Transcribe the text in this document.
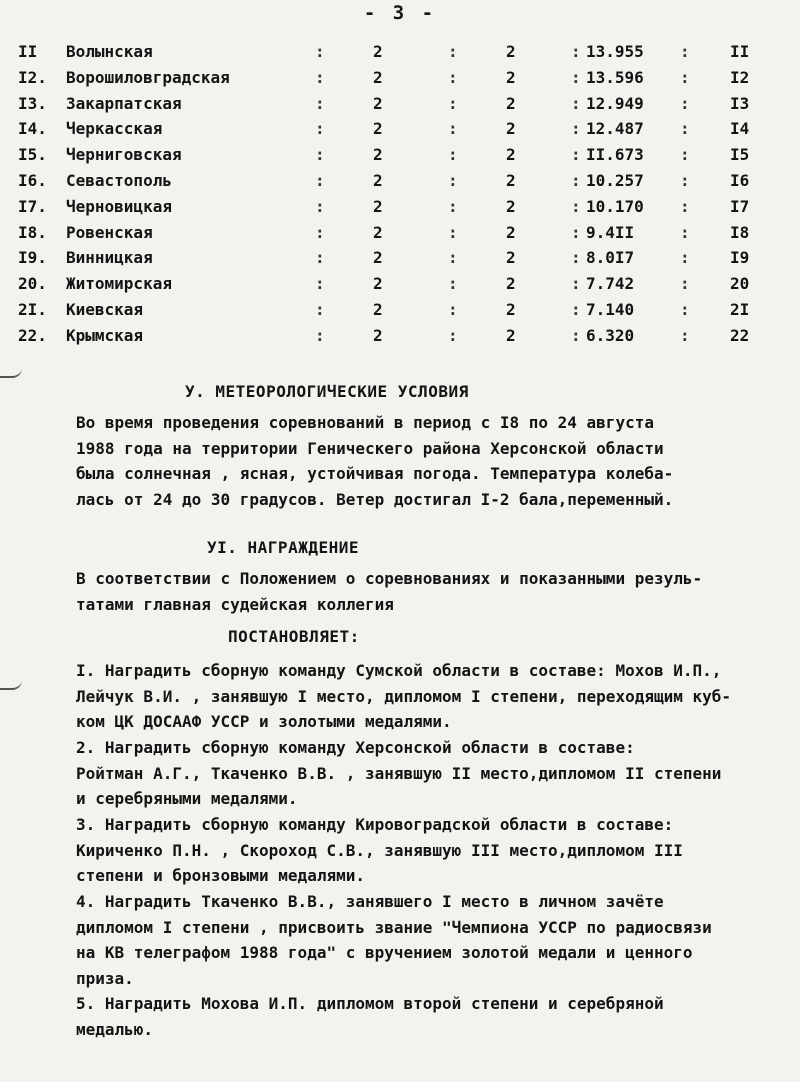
- 3 -
II Волынская	:	2	:	2	: 13.955 :	II
I2. Ворошиловградская	:	2	:	2	: 13.596 :	I2
I3. Закарпатская	:	2	:	2	: 12.949 :	I3
I4. Черкасская	:	2	:	2	: 12.487 :	I4
I5. Черниговская	:	2	:	2	: II.673 :	I5
I6. Севастополь	:	2	:	2	: 10.257 :	I6
I7. Черновицкая	:	2	:	2	: 10.170 :	I7
I8. Ровенская	:	2	:	2	: 9.4II	:	I8
I9. Винницкая	:	2	:	2	: 8.0I7	:	I9
20. Житомирская	:	2	:	2	: 7.742	:	20
2I. Киевская	:	2	:	2	: 7.140	:	2I
22. Крымская	:	2	:	2	: 6.320	:	22
У. МЕТЕОРОЛОГИЧЕСКИЕ УСЛОВИЯ
Во время проведения соревнований в период с I8 по 24 августа
1988 года на территории Геническего района Херсонской области
была солнечная , ясная, устойчивая погода. Температура колеба-
лась от 24 до 30 градусов. Ветер достигал I-2 бала,переменный.
УI. НАГРАЖДЕНИЕ
В соответствии с Положением о соревнованиях и показанными резуль-
татами главная судейская коллегия
ПОСТАНОВЛЯЕТ:
I. Наградить сборную команду Сумской области в составе: Мохов И.П.,
Лейчук В.И. , занявшую I место, дипломом I степени, переходящим куб-
ком ЦК ДОСААФ УССР и золотыми медалями.
2. Наградить сборную команду Херсонской области в составе:
Ройтман А.Г., Ткаченко В.В. , занявшую II место,дипломом II степени
и серебряными медалями.
3. Наградить сборную команду Кировоградской области в составе:
Кириченко П.Н. , Скороход С.В., занявшую III место,дипломом III
степени и бронзовыми медалями.
4. Наградить Ткаченко В.В., занявшего I место в личном зачёте
дипломом I степени , присвоить звание "Чемпиона УССР по радиосвязи
на КВ телеграфом 1988 года" с вручением золотой медали и ценного
приза.
5. Наградить Мохова И.П. дипломом второй степени и серебряной
медалью.
